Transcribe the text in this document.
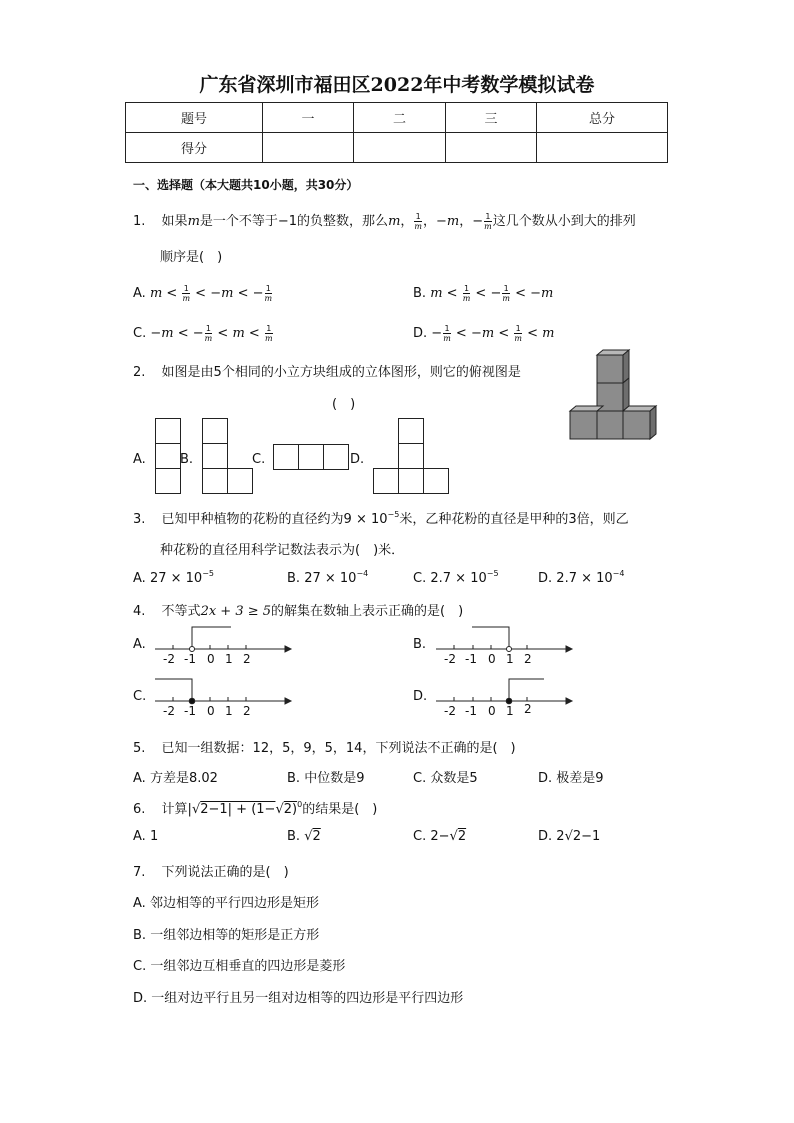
广东省深圳市福田区2022年中考数学模拟试卷
题号	一	二	三	总分
得分				
一、选择题（本大题共10小题，共30分）
1. 如果m是一个不等于−1的负整数，那么m， $\frac{1}{m}$ ，−m，− $\frac{1}{m}$ 这几个数从小到大的排列
顺序是(　)
A. $m < \frac{1}{m} < -m$ < − $\frac{1}{m}$	B. $m < \frac{1}{m}$ < − $\frac{1}{m} < -m$
C. −m < − $\frac{1}{m} < m < \frac{1}{m}$	D. − $\frac{1}{m} < -m < \frac{1}{m} < m$
2. 如图是由5个相同的小立方块组成的立体图形，则它的俯视图是
(　)
A.	B.	C.	D.
3. 已知甲种植物的花粉的直径约为$9 \times 10^{-5}$米，乙种花粉的直径是甲种的3倍，则乙
种花粉的直径用科学记数法表示为(　)米．
A. $27 \times 10^{-5}$	B. $27 \times 10^{-4}$	C. $2.7 \times 10^{-5}$	D. $2.7 \times 10^{-4}$
4. 不等式2x + 3 ≥ 5的解集在数轴上表示正确的是(　)
A.
-2 -1 0 1 2
B.
-2 -1 0 1 2
C.
-2 -1 0 1 2
D.
-2 -1 0 1 2
5. 已知一组数据：12，5，9，5，14，下列说法不正确的是(　)
A. 方差是8.02	B. 中位数是9	C. 众数是5	D. 极差是9
6. 计算$|√2-1| + (1-√2)^0$的结果是(　)
A. 1	B. √2	C. 2−√2	D. 2√2−1
7. 下列说法正确的是(　)
A. 邻边相等的平行四边形是矩形
B. 一组邻边相等的矩形是正方形
C. 一组邻边互相垂直的四边形是菱形
D. 一组对边平行且另一组对边相等的四边形是平行四边形
